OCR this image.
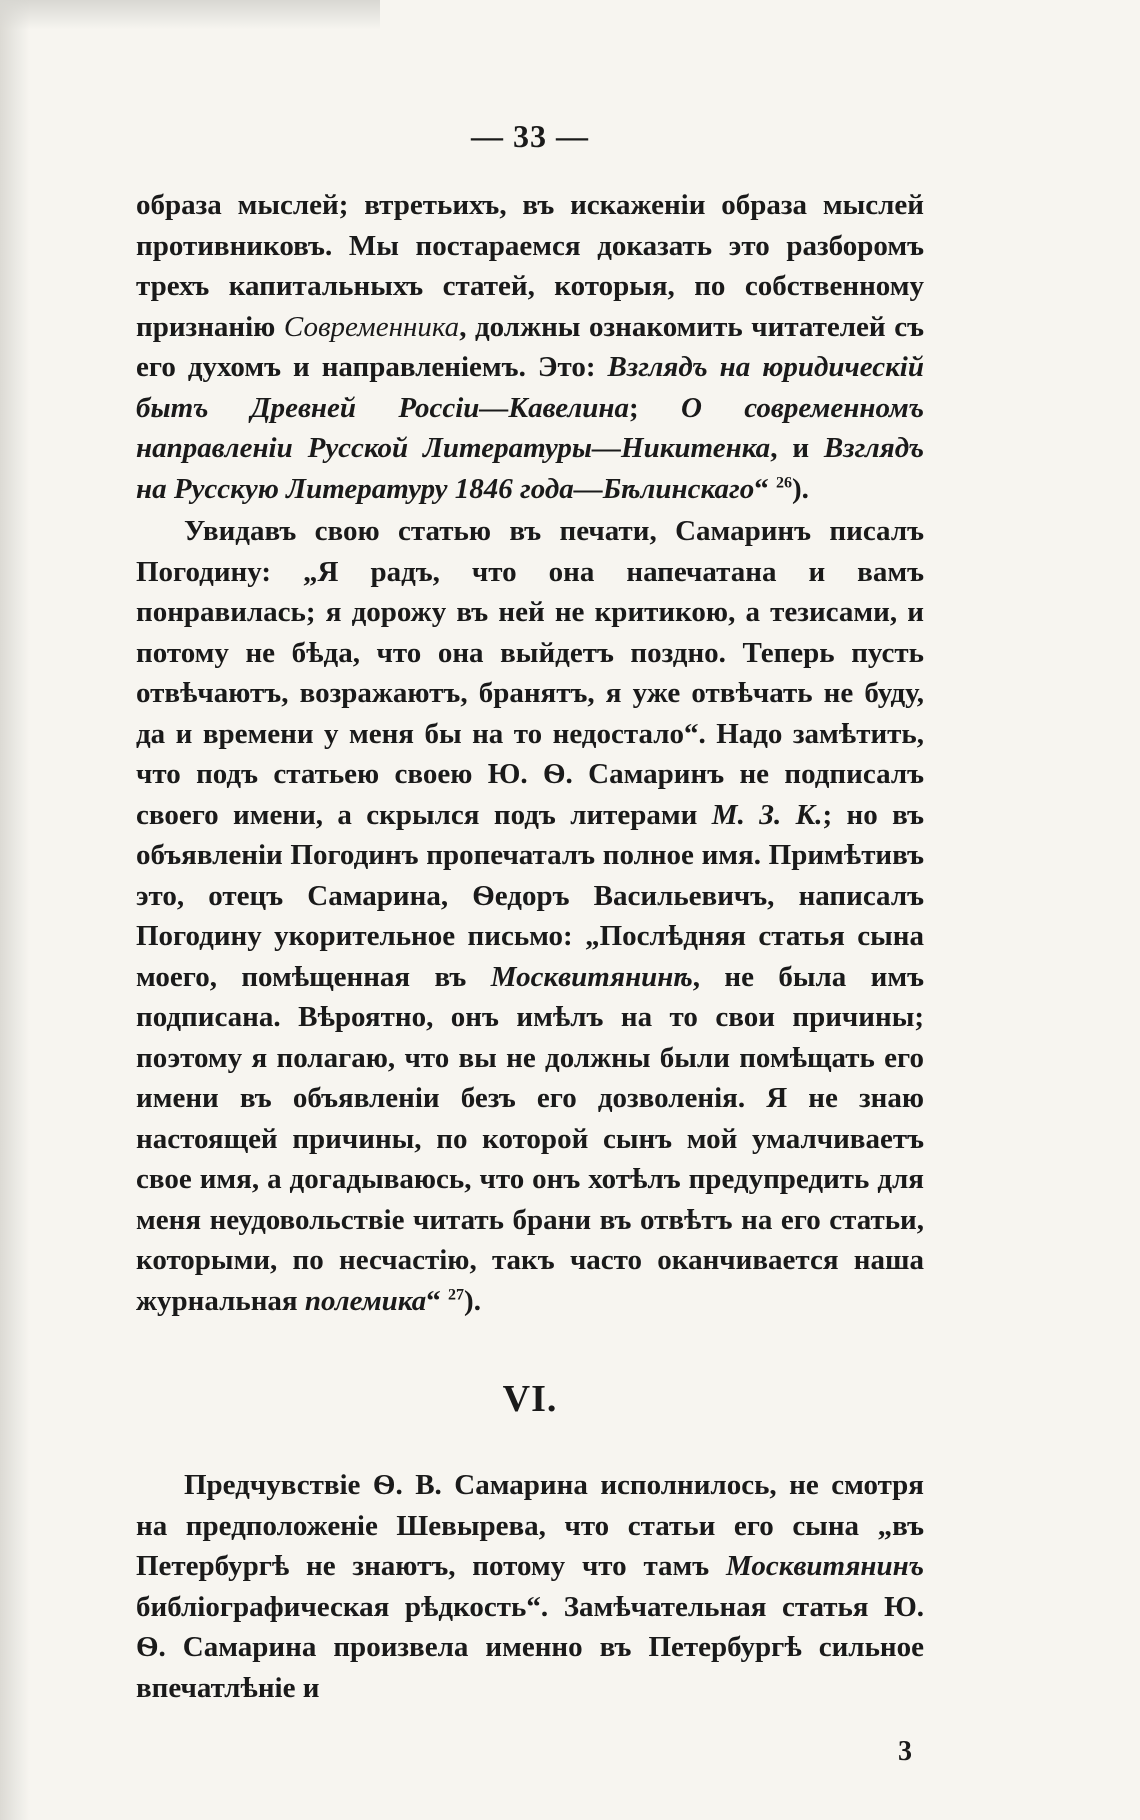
— 33 —

образа мыслей; втретьихъ, въ искаженіи образа мыслей противниковъ. Мы постараемся доказать это разборомъ трехъ капитальныхъ статей, которыя, по собственному признанію Современника, должны ознакомить читателей съ его духомъ и направленіемъ. Это: Взглядъ на юридическій бытъ Древней Россіи—Кавелина; О современномъ направленіи Русской Литературы—Никитенка, и Взглядъ на Русскую Литературу 1846 года—Бѣлинскаго“ $^{26}$).

Увидавъ свою статью въ печати, Самаринъ писалъ Погодину: „Я радъ, что она напечатана и вамъ понравилась; я дорожу въ ней не критикою, а тезисами, и потому не бѣда, что она выйдетъ поздно. Теперь пусть отвѣчаютъ, возражаютъ, бранятъ, я уже отвѣчать не буду, да и времени у меня бы на то недостало“. Надо замѣтить, что подъ статьею своею Ю. Ѳ. Самаринъ не подписалъ своего имени, а скрылся подъ литерами М. З. К.; но въ объявленіи Погодинъ пропечаталъ полное имя. Примѣтивъ это, отецъ Самарина, Ѳедоръ Васильевичъ, написалъ Погодину укорительное письмо: „Послѣдняя статья сына моего, помѣщенная въ Москвитянинѣ, не была имъ подписана. Вѣроятно, онъ имѣлъ на то свои причины; поэтому я полагаю, что вы не должны были помѣщать его имени въ объявленіи безъ его дозволенія. Я не знаю настоящей причины, по которой сынъ мой умалчиваетъ свое имя, а догадываюсь, что онъ хотѣлъ предупредить для меня неудовольствіе читать брани въ отвѣтъ на его статьи, которыми, по несчастію, такъ часто оканчивается наша журнальная полемика“ $^{27}$).

VI.

Предчувствіе Ѳ. В. Самарина исполнилось, не смотря на предположеніе Шевырева, что статьи его сына „въ Петербургѣ не знаютъ, потому что тамъ Москвитянинъ библіографическая рѣдкость“. Замѣчательная статья Ю. Ѳ. Самарина произвела именно въ Петербургѣ сильное впечатлѣніе и

3
